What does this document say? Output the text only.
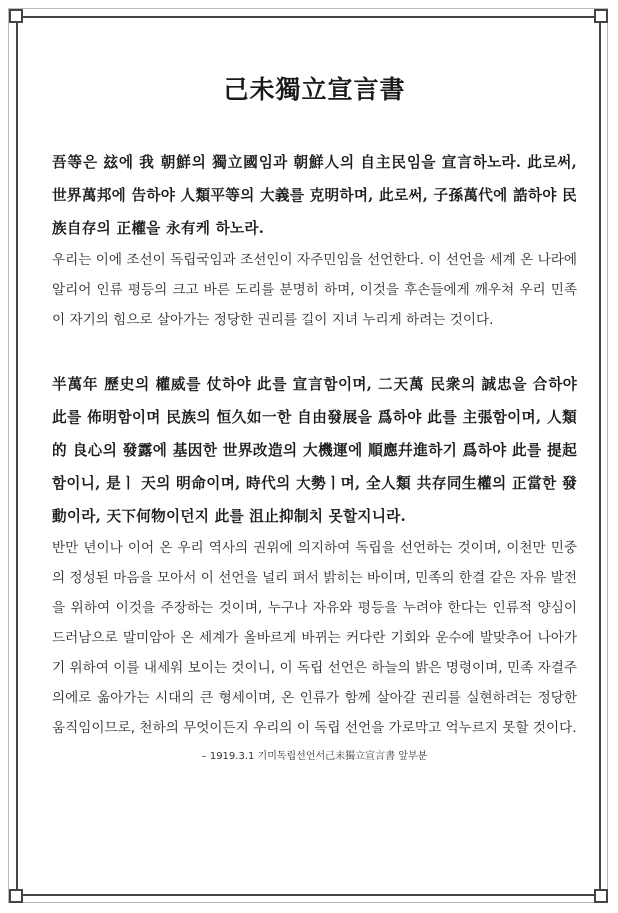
己未獨立宣言書

吾等은 玆에 我 朝鮮의 獨立國임과 朝鮮人의 自主民임을 宣言하노라. 此로써, 世界萬邦에 告하야 人類平等의 大義를 克明하며, 此로써, 子孫萬代에 誥하야 民族自存의 正權을 永有케 하노라.

우리는 이에 조선이 독립국임과 조선인이 자주민임을 선언한다. 이 선언을 세계 온 나라에 알리어 인류 평등의 크고 바른 도리를 분명히 하며, 이것을 후손들에게 깨우쳐 우리 민족이 자기의 힘으로 살아가는 정당한 권리를 길이 지녀 누리게 하려는 것이다.

半萬年 歷史의 權威를 仗하야 此를 宣言함이며, 二天萬 民衆의 誠忠을 合하야 此를 佈明함이며 民族의 恒久如一한 自由發展을 爲하야 此를 主張함이며, 人類的 良心의 發露에 基因한 世界改造의 大機運에 順應幷進하기 爲하야 此를 提起함이니, 是ㅣ 天의 明命이며, 時代의 大勢ㅣ며, 全人類 共存同生權의 正當한 發動이라, 天下何物이던지 此를 沮止抑制치 못할지니라.

반만 년이나 이어 온 우리 역사의 권위에 의지하여 독립을 선언하는 것이며, 이천만 민중의 정성된 마음을 모아서 이 선언을 널리 펴서 밝히는 바이며, 민족의 한결 같은 자유 발전을 위하여 이것을 주장하는 것이며, 누구나 자유와 평등을 누려야 한다는 인류적 양심이 드러남으로 말미암아 온 세계가 올바르게 바뀌는 커다란 기회와 운수에 발맞추어 나아가기 위하여 이를 내세워 보이는 것이니, 이 독립 선언은 하늘의 밝은 명령이며, 민족 자결주의에로 옮아가는 시대의 큰 형세이며, 온 인류가 함께 살아갈 권리를 실현하려는 정당한 움직임이므로, 천하의 무엇이든지 우리의 이 독립 선언을 가로막고 억누르지 못할 것이다.

– 1919.3.1 기미독립선언서己未獨立宣言書 앞부분
